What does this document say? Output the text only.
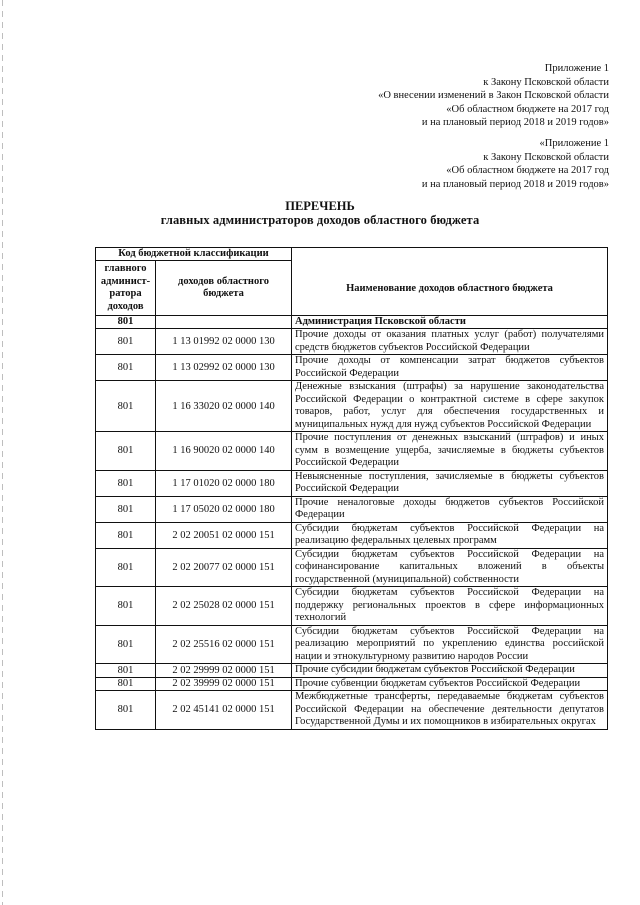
Приложение 1
к Закону Псковской области
«О внесении изменений в Закон Псковской области
«Об областном бюджете на 2017 год
и на плановый период 2018 и 2019 годов»
«Приложение 1
к Закону Псковской области
«Об областном бюджете на 2017 год
и на плановый период 2018 и 2019 годов»
ПЕРЕЧЕНЬ
главных администраторов доходов областного бюджета
Код бюджетной классификации		Наименование доходов областного бюджета

главного админист-ратора доходов	доходов областного бюджета	
801		Администрация Псковской области
801	1 13 01992 02 0000 130	Прочие доходы от оказания платных услуг (работ) получателями средств бюджетов субъектов Российской Федерации
801	1 13 02992 02 0000 130	Прочие доходы от компенсации затрат бюджетов субъектов Российской Федерации
801	1 16 33020 02 0000 140	Денежные взыскания (штрафы) за нарушение законодательства Российской Федерации о контрактной системе в сфере закупок товаров, работ, услуг для обеспечения государственных и муниципальных нужд для нужд субъектов Российской Федерации
801	1 16 90020 02 0000 140	Прочие поступления от денежных взысканий (штрафов) и иных сумм в возмещение ущерба, зачисляемые в бюджеты субъектов Российской Федерации
801	1 17 01020 02 0000 180	Невыясненные поступления, зачисляемые в бюджеты субъектов Российской Федерации
801	1 17 05020 02 0000 180	Прочие неналоговые доходы бюджетов субъектов Российской Федерации
801	2 02 20051 02 0000 151	Субсидии бюджетам субъектов Российской Федерации на реализацию федеральных целевых программ
801	2 02 20077 02 0000 151	Субсидии бюджетам субъектов Российской Федерации на софинансирование капитальных вложений в объекты государственной (муниципальной) собственности
801	2 02 25028 02 0000 151	Субсидии бюджетам субъектов Российской Федерации на поддержку региональных проектов в сфере информационных технологий
801	2 02 25516 02 0000 151	Субсидии бюджетам субъектов Российской Федерации на реализацию мероприятий по укреплению единства российской нации и этнокультурному развитию народов России
801	2 02 29999 02 0000 151	Прочие субсидии бюджетам субъектов Российской Федерации
801	2 02 39999 02 0000 151	Прочие субвенции бюджетам субъектов Российской Федерации
801	2 02 45141 02 0000 151	Межбюджетные трансферты, передаваемые бюджетам субъектов Российской Федерации на обеспечение деятельности депутатов Государственной Думы и их помощников в избирательных округах
